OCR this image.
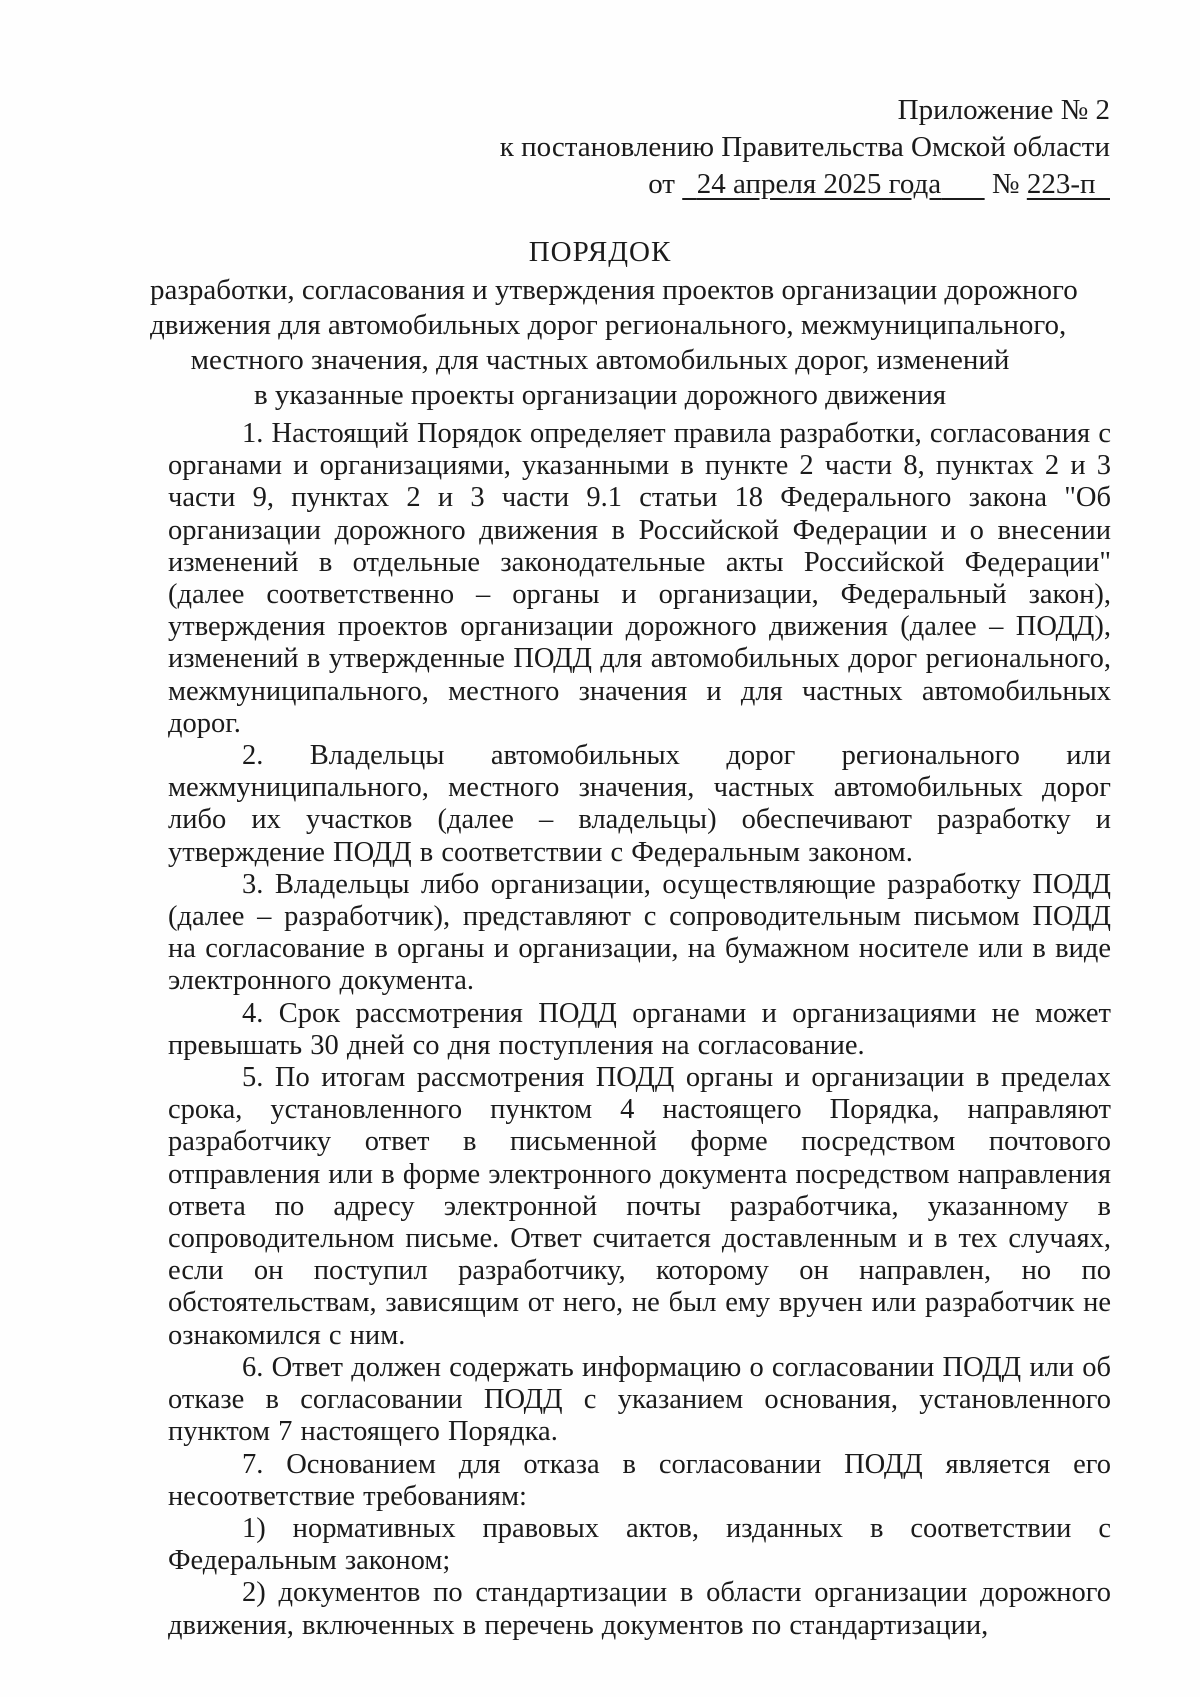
Приложение № 2
к постановлению Правительства Омской области
от 24 апреля 2025 года № 223-п
ПОРЯДОК
разработки, согласования и утверждения проектов организации дорожного
движения для автомобильных дорог регионального, межмуниципального,
местного значения, для частных автомобильных дорог, изменений
в указанные проекты организации дорожного движения

1. Настоящий Порядок определяет правила разработки, согласования с органами и организациями, указанными в пункте 2 части 8, пунктах 2 и 3 части 9, пунктах 2 и 3 части 9.1 статьи 18 Федерального закона "Об организации дорожного движения в Российской Федерации и о внесении изменений в отдельные законодательные акты Российской Федерации" (далее соответственно – органы и организации, Федеральный закон), утверждения проектов организации дорожного движения (далее – ПОДД), изменений в утвержденные ПОДД для автомобильных дорог регионального, межмуниципального, местного значения и для частных автомобильных дорог.

2. Владельцы автомобильных дорог регионального или межмуниципального, местного значения, частных автомобильных дорог либо их участков (далее – владельцы) обеспечивают разработку и утверждение ПОДД в соответствии с Федеральным законом.

3. Владельцы либо организации, осуществляющие разработку ПОДД (далее – разработчик), представляют с сопроводительным письмом ПОДД на согласование в органы и организации, на бумажном носителе или в виде электронного документа.

4. Срок рассмотрения ПОДД органами и организациями не может превышать 30 дней со дня поступления на согласование.

5. По итогам рассмотрения ПОДД органы и организации в пределах срока, установленного пунктом 4 настоящего Порядка, направляют разработчику ответ в письменной форме посредством почтового отправления или в форме электронного документа посредством направления ответа по адресу электронной почты разработчика, указанному в сопроводительном письме. Ответ считается доставленным и в тех случаях, если он поступил разработчику, которому он направлен, но по обстоятельствам, зависящим от него, не был ему вручен или разработчик не ознакомился с ним.

6. Ответ должен содержать информацию о согласовании ПОДД или об отказе в согласовании ПОДД с указанием основания, установленного пунктом 7 настоящего Порядка.

7. Основанием для отказа в согласовании ПОДД является его несоответствие требованиям:

1) нормативных правовых актов, изданных в соответствии с Федеральным законом;

2) документов по стандартизации в области организации дорожного движения, включенных в перечень документов по стандартизации,
